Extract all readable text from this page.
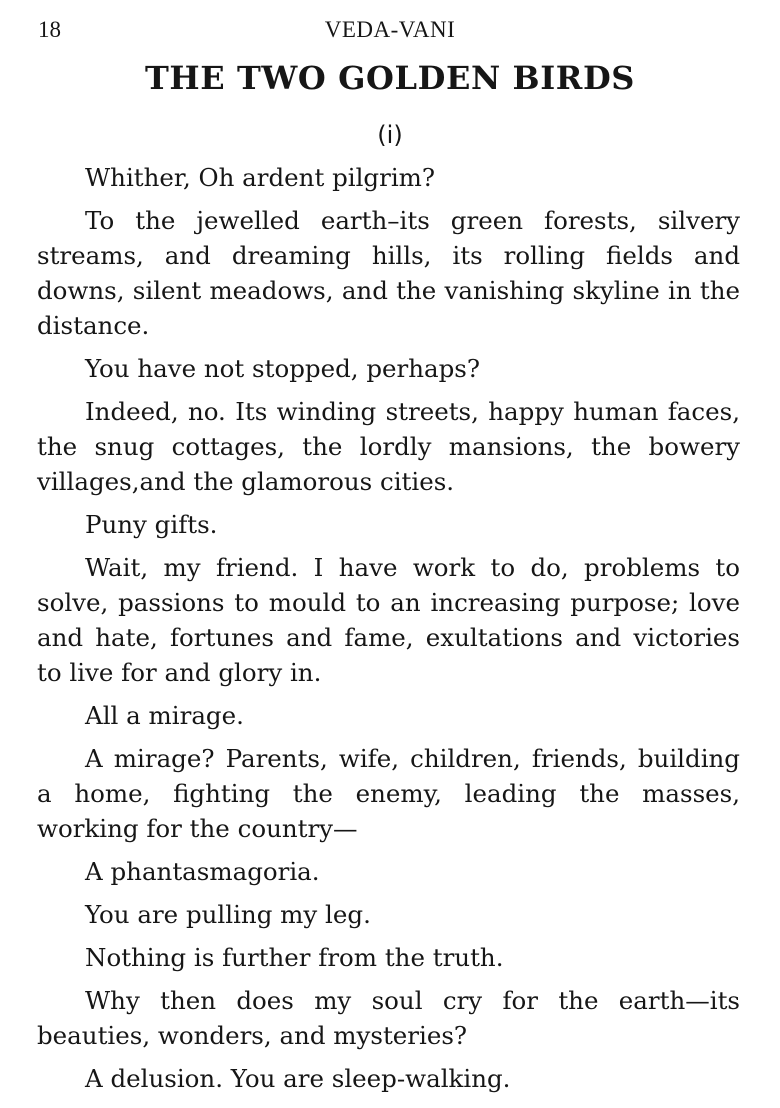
18	VEDA-VANI
THE TWO GOLDEN BIRDS
(i)

Whither, Oh ardent pilgrim?

To the jewelled earth–its green forests, silvery streams, and dreaming hills, its rolling fields and downs, silent meadows, and the vanishing skyline in the distance.

You have not stopped, perhaps?

Indeed, no. Its winding streets, happy human faces, the snug cottages, the lordly mansions, the bowery villages,and the glamorous cities.

Puny gifts.

Wait, my friend. I have work to do, problems to solve, passions to mould to an increasing purpose; love and hate, fortunes and fame, exultations and victories to live for and glory in.

All a mirage.

A mirage? Parents, wife, children, friends, building a home, fighting the enemy, leading the masses, working for the country—

A phantasmagoria.

You are pulling my leg.

Nothing is further from the truth.

Why then does my soul cry for the earth—its beauties, wonders, and mysteries?

A delusion. You are sleep-walking.
